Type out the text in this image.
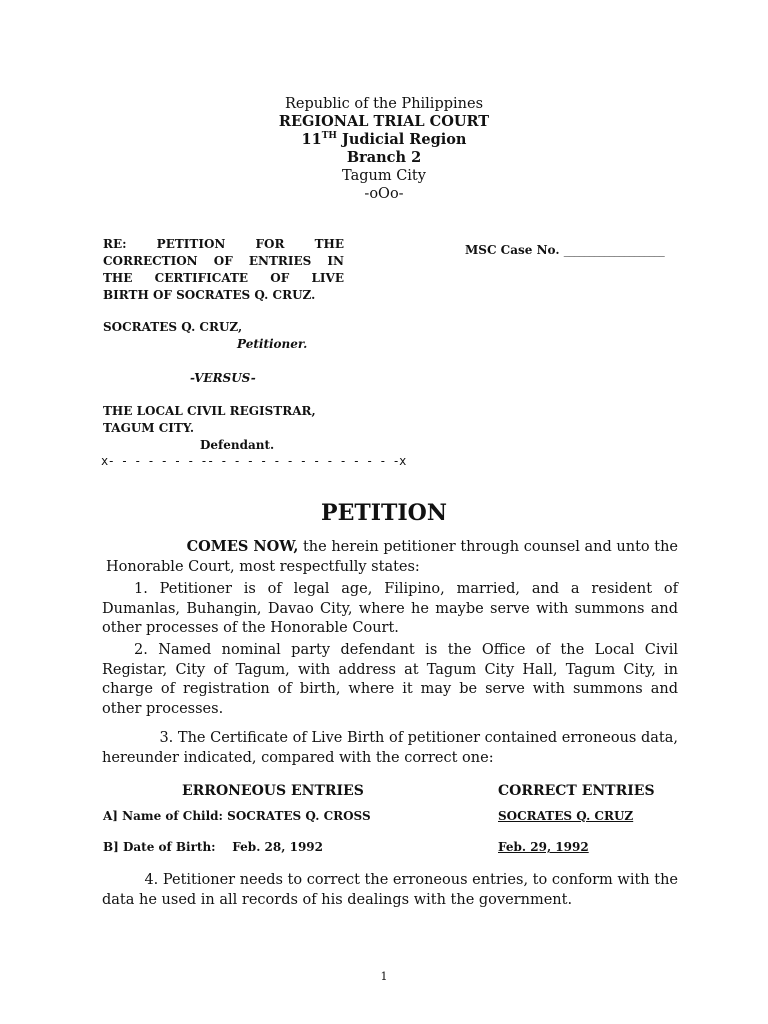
Republic of the Philippines
REGIONAL TRIAL COURT
11TH Judicial Region
Branch 2
Tagum City
-oOo-
RE: PETITION FOR THE
CORRECTION OF ENTRIES IN
THE CERTIFICATE OF LIVE
BIRTH OF SOCRATES Q. CRUZ.
SOCRATES Q. CRUZ,
Petitioner.
-VERSUS-
THE LOCAL CIVIL REGISTRAR,
TAGUM CITY.
Defendant.
x- - - - - - - -- - - - - - - - - - - - - - -x
MSC Case No. ____________________
PETITION
COMES NOW, the herein petitioner through counsel and unto the
Honorable Court, most respectfully states:
1. Petitioner is of legal age, Filipino, married, and a resident of Dumanlas, Buhangin, Davao City, where he maybe serve with summons and other processes of the Honorable Court.
2. Named nominal party defendant is the Office of the Local Civil Registar, City of Tagum, with address at Tagum City Hall, Tagum City, in charge of registration of birth, where it may be serve with summons and other processes.
3. The Certificate of Live Birth of petitioner contained erroneous data,
hereunder indicated, compared with the correct one:
ERRONEOUS ENTRIES	CORRECT ENTRIES
A] Name of Child: SOCRATES Q. CROSS	SOCRATES Q. CRUZ
B] Date of Birth:    Feb. 28, 1992	Feb. 29, 1992
4. Petitioner needs to correct the erroneous entries, to conform with the
data he used in all records of his dealings with the government.
1
